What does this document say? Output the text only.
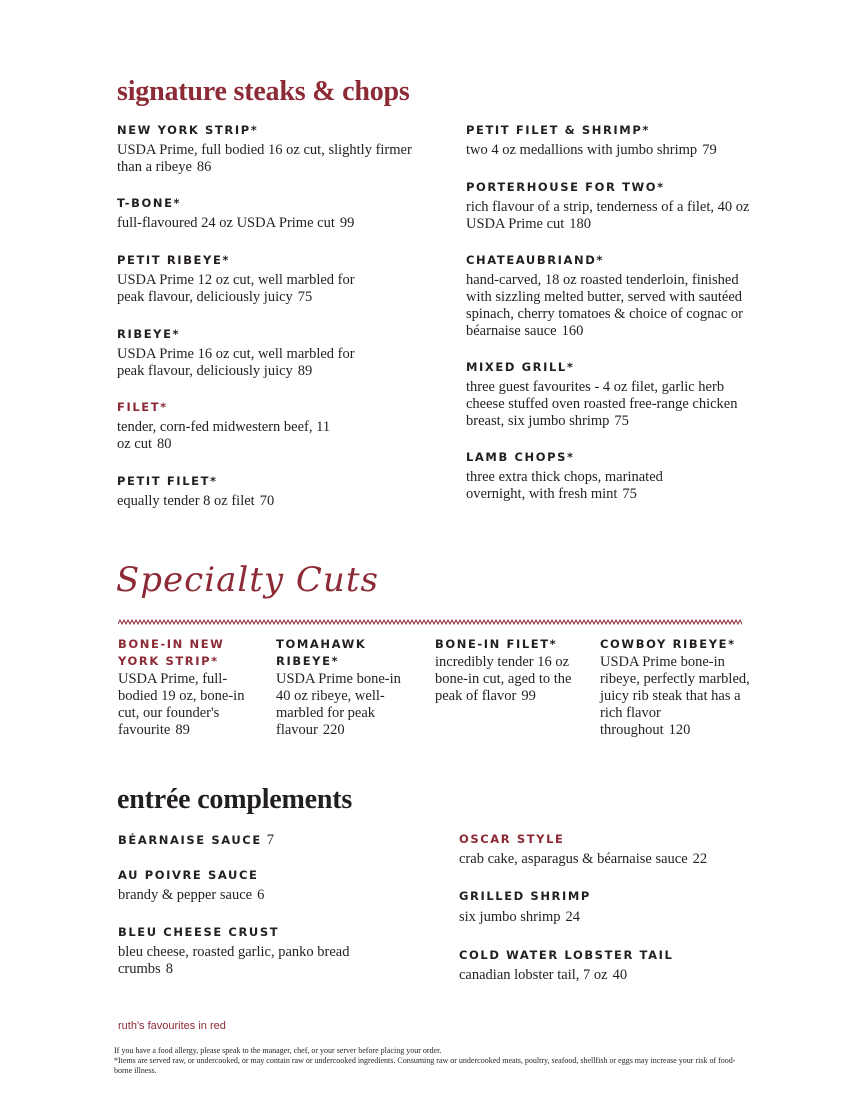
signature steaks & chops
NEW YORK STRIP*
USDA Prime, full bodied 16 oz cut, slightly firmer than a ribeye 86
T-BONE*
full-flavoured 24 oz USDA Prime cut 99
PETIT RIBEYE*
USDA Prime 12 oz cut, well marbled for peak flavour, deliciously juicy 75
RIBEYE*
USDA Prime 16 oz cut, well marbled for peak flavour, deliciously juicy 89
FILET*
tender, corn-fed midwestern beef, 11 oz cut 80
PETIT FILET*
equally tender 8 oz filet 70
PETIT FILET & SHRIMP*
two 4 oz medallions with jumbo shrimp 79
PORTERHOUSE FOR TWO*
rich flavour of a strip, tenderness of a filet, 40 oz USDA Prime cut 180
CHATEAUBRIAND*
hand-carved, 18 oz roasted tenderloin, finished with sizzling melted butter, served with sautéed spinach, cherry tomatoes & choice of cognac or béarnaise sauce 160
MIXED GRILL*
three guest favourites - 4 oz filet, garlic herb cheese stuffed oven roasted free-range chicken breast, six jumbo shrimp 75
LAMB CHOPS*
three extra thick chops, marinated overnight, with fresh mint 75
Specialty Cuts
BONE-IN NEW YORK STRIP*
USDA Prime, full-bodied 19 oz, bone-in cut, our founder's favourite 89
TOMAHAWK RIBEYE*
USDA Prime bone-in 40 oz ribeye, well-marbled for peak flavour 220
BONE-IN FILET*
incredibly tender 16 oz bone-in cut, aged to the peak of flavor 99
COWBOY RIBEYE*
USDA Prime bone-in ribeye, perfectly marbled, juicy rib steak that has a rich flavor throughout 120
entrée complements
BÉARNAISE SAUCE 7
AU POIVRE SAUCE
brandy & pepper sauce 6
BLEU CHEESE CRUST
bleu cheese, roasted garlic, panko bread crumbs 8
OSCAR STYLE
crab cake, asparagus & béarnaise sauce 22
GRILLED SHRIMP
six jumbo shrimp 24
COLD WATER LOBSTER TAIL
canadian lobster tail, 7 oz 40
ruth's favourites in red
If you have a food allergy, please speak to the manager, chef, or your server before placing your order.
*Items are served raw, or undercooked, or may contain raw or undercooked ingredients. Consuming raw or undercooked meats, poultry, seafood, shellfish or eggs may increase your risk of food-borne illness.
